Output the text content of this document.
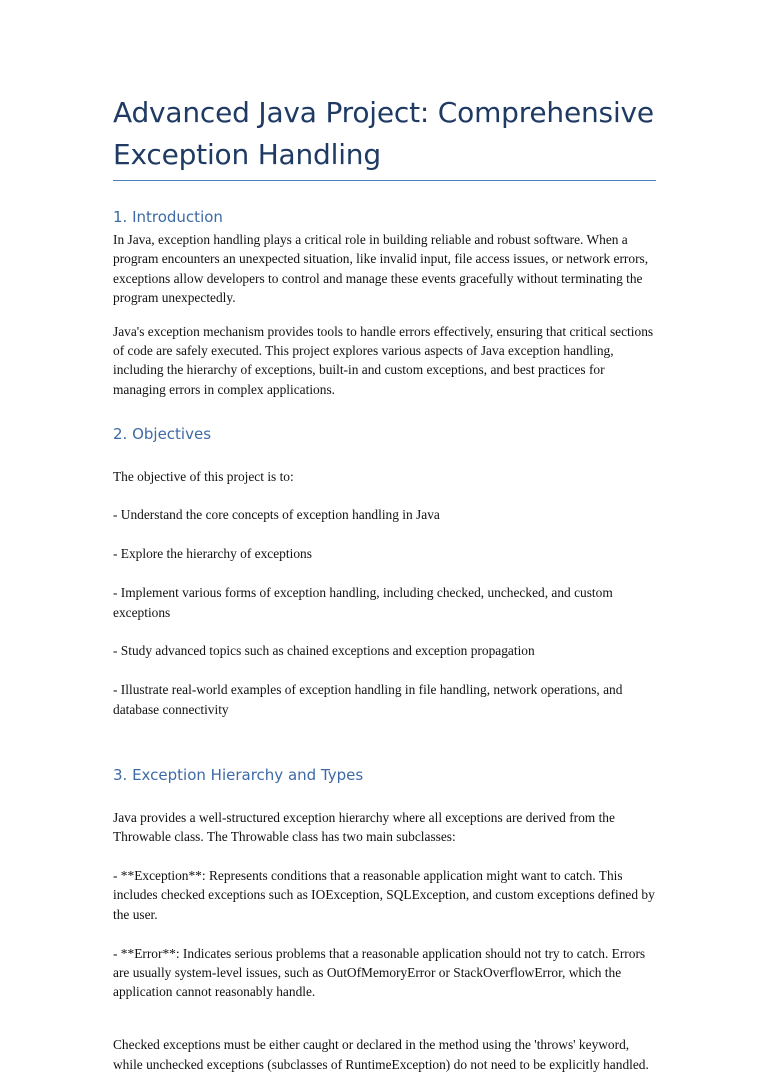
Advanced Java Project: Comprehensive
Exception Handling
1. Introduction

In Java, exception handling plays a critical role in building reliable and robust software. When a program encounters an unexpected situation, like invalid input, file access issues, or network errors, exceptions allow developers to control and manage these events gracefully without terminating the program unexpectedly.

Java's exception mechanism provides tools to handle errors effectively, ensuring that critical sections of code are safely executed. This project explores various aspects of Java exception handling, including the hierarchy of exceptions, built-in and custom exceptions, and best practices for managing errors in complex applications.

2. Objectives

The objective of this project is to:

- Understand the core concepts of exception handling in Java

- Explore the hierarchy of exceptions

- Implement various forms of exception handling, including checked, unchecked, and custom exceptions

- Study advanced topics such as chained exceptions and exception propagation

- Illustrate real-world examples of exception handling in file handling, network operations, and database connectivity

3. Exception Hierarchy and Types

Java provides a well-structured exception hierarchy where all exceptions are derived from the Throwable class. The Throwable class has two main subclasses:

- **Exception**: Represents conditions that a reasonable application might want to catch. This includes checked exceptions such as IOException, SQLException, and custom exceptions defined by the user.

- **Error**: Indicates serious problems that a reasonable application should not try to catch. Errors are usually system-level issues, such as OutOfMemoryError or StackOverflowError, which the application cannot reasonably handle.

Checked exceptions must be either caught or declared in the method using the 'throws' keyword, while unchecked exceptions (subclasses of RuntimeException) do not need to be explicitly handled.
